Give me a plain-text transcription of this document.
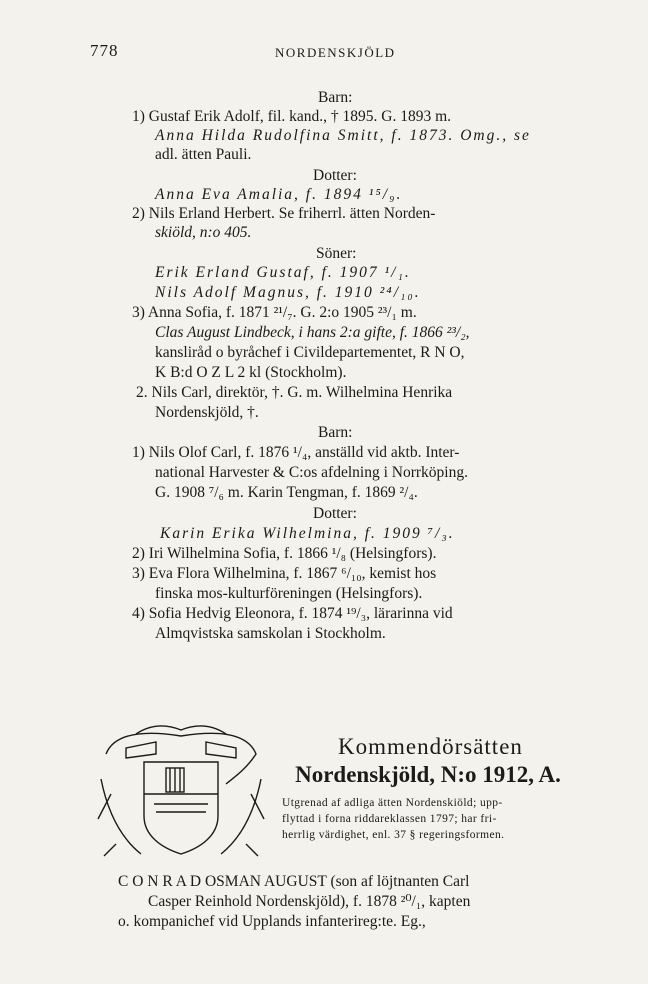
778	NORDENSKJÖLD
Barn:
1) Gustaf Erik Adolf, fil. kand., † 1895. G. 1893 m.
Anna Hilda Rudolfina Smitt, f. 1873. Omg., se
adl. ätten Pauli.
Dotter:
Anna Eva Amalia, f. 1894 ¹⁵/₉.
2) Nils Erland Herbert. Se friherrl. ätten Norden-
skiöld, n:o 405.
Söner:
Erik Erland Gustaf, f. 1907 ¹/₁.
Nils Adolf Magnus, f. 1910 ²⁴/₁₀.
3) Anna Sofia, f. 1871 ²¹/₇. G. 2:o 1905 ²³/₁ m.
Clas August Lindbeck, i hans 2:a gifte, f. 1866 ²³/₂,
kansliråd o byråchef i Civildepartementet, R N O,
K B:d O Z L 2 kl (Stockholm).
2. Nils Carl, direktör, †. G. m. Wilhelmina Henrika
Nordenskjöld, †.
Barn:
1) Nils Olof Carl, f. 1876 ¹/₄, anställd vid aktb. Inter-
national Harvester & C:os afdelning i Norrköping.
G. 1908 ⁷/₆ m. Karin Tengman, f. 1869 ²/₄.
Dotter:
Karin Erika Wilhelmina, f. 1909 ⁷/₃.
2) Iri Wilhelmina Sofia, f. 1866 ¹/₈ (Helsingfors).
3) Eva Flora Wilhelmina, f. 1867 ⁶/₁₀, kemist hos
finska mos-kulturföreningen (Helsingfors).
4) Sofia Hedvig Eleonora, f. 1874 ¹⁹/₃, lärarinna vid
Almqvistska samskolan i Stockholm.
Kommendörsätten
Nordenskjöld, N:o 1912, A.
Utgrenad af adliga ätten Nordenskiöld; upp-
flyttad i forna riddareklassen 1797; har fri-
herrlig värdighet, enl. 37 § regeringsformen.
C O N R A D OSMAN AUGUST (son af löjtnanten Carl
Casper Reinhold Nordenskjöld), f. 1878 ²⁰/₁, kapten
o. kompanichef vid Upplands infanterireg:te. Eg.,
